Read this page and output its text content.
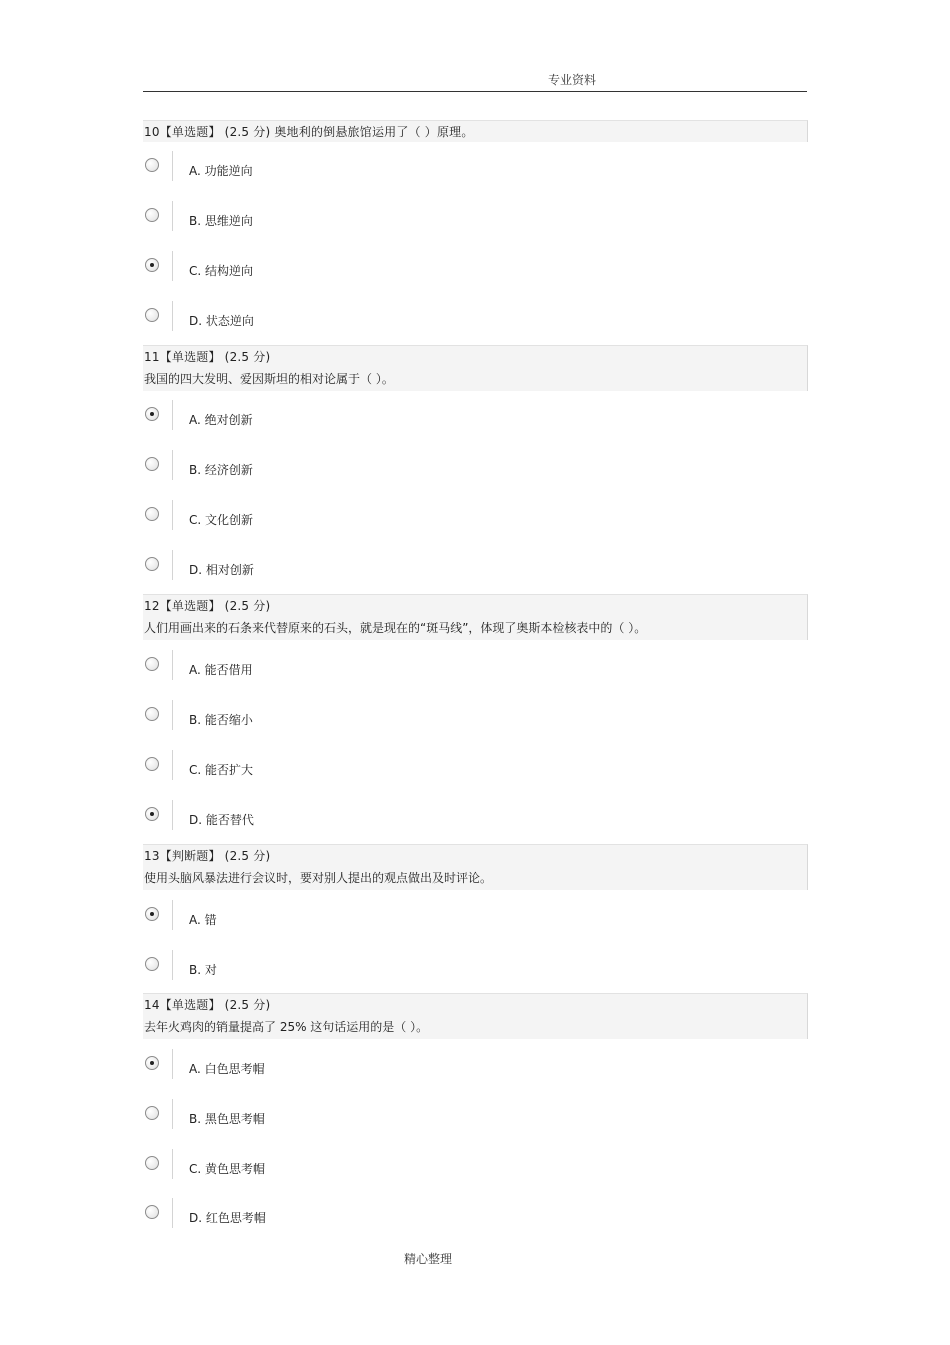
专业资料
10【单选题】 (2.5 分) 奥地利的倒悬旅馆运用了（ ）原理。
A. 功能逆向
B. 思维逆向
C. 结构逆向
D. 状态逆向
11【单选题】 (2.5 分)
我国的四大发明、爱因斯坦的相对论属于（ ）。
A. 绝对创新
B. 经济创新
C. 文化创新
D. 相对创新
12【单选题】 (2.5 分)
人们用画出来的石条来代替原来的石头，就是现在的“斑马线”，体现了奥斯本检核表中的（ ）。
A. 能否借用
B. 能否缩小
C. 能否扩大
D. 能否替代
13【判断题】 (2.5 分)
使用头脑风暴法进行会议时，要对别人提出的观点做出及时评论。
A. 错
B. 对
14【单选题】 (2.5 分)
去年火鸡肉的销量提高了 25% 这句话运用的是（ ）。
A. 白色思考帽
B. 黑色思考帽
C. 黄色思考帽
D. 红色思考帽
精心整理
